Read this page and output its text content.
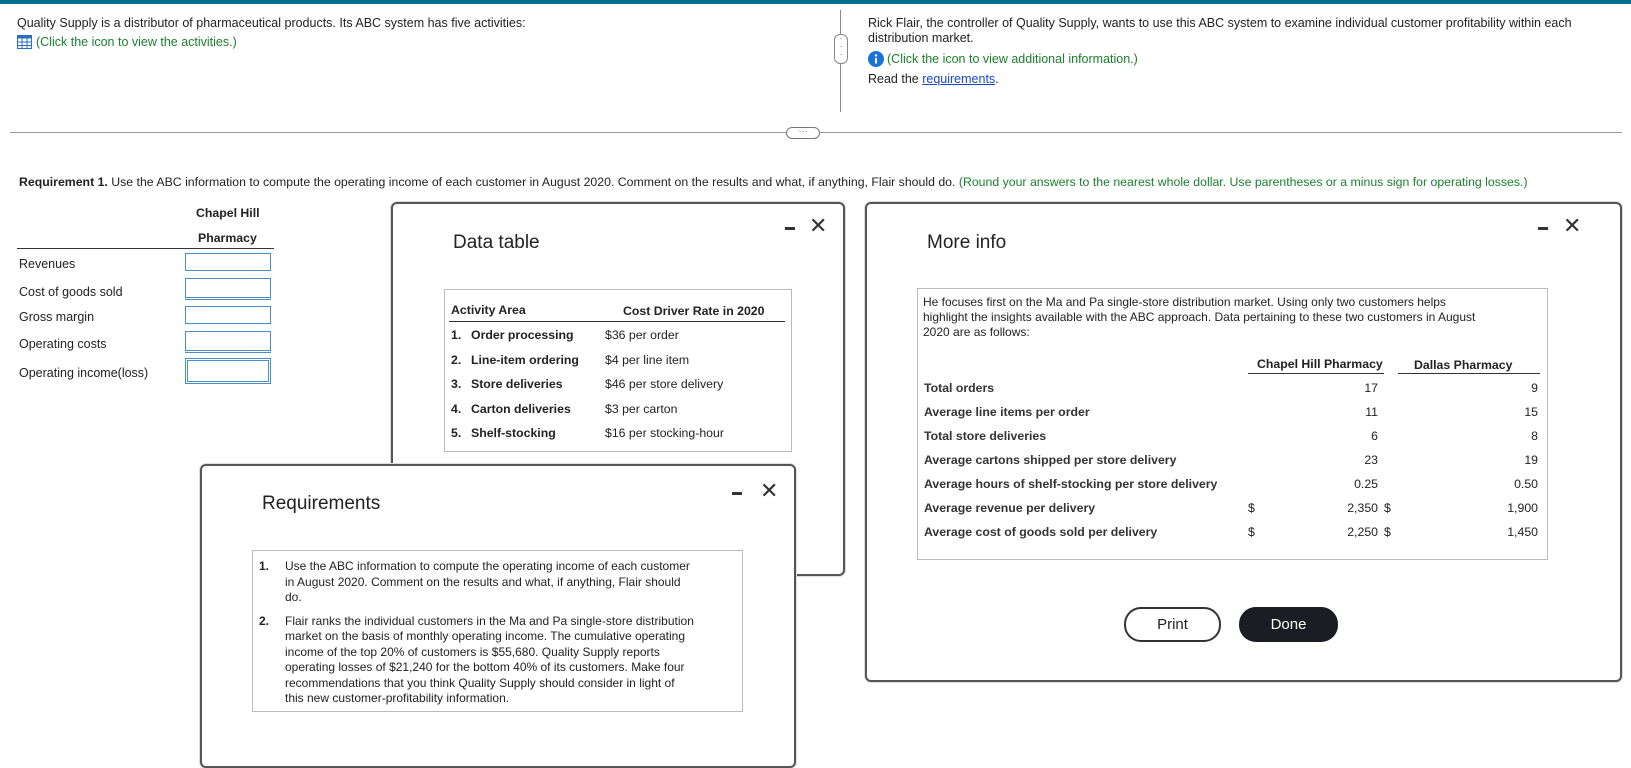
Quality Supply is a distributor of pharmaceutical products. Its ABC system has five activities:
(Click the icon to view the activities.)	·
·
·
Rick Flair, the controller of Quality Supply, wants to use this ABC system to examine individual customer profitability within each
distribution market.
(Click the icon to view additional information.)
Read the requirements.
···
Requirement 1. Use the ABC information to compute the operating income of each customer in August 2020. Comment on the results and what, if anything, Flair should do. (Round your answers to the nearest whole dollar. Use parentheses or a minus sign for operating losses.)
Chapel Hill
Pharmacy
Revenues
Cost of goods sold
Gross margin
Operating costs
Operating income(loss)
Data table
✕
Activity Area	Cost Driver Rate in 2020
1. Order processing	$36 per order
2. Line-item ordering $4 per line item
3. Store deliveries	$46 per store delivery
4. Carton deliveries	$3 per carton
5. Shelf-stocking	$16 per stocking-hour
Requirements
✕
1. Use the ABC information to compute the operating income of each customer
in August 2020. Comment on the results and what, if anything, Flair should
do.
2. Flair ranks the individual customers in the Ma and Pa single-store distribution
market on the basis of monthly operating income. The cumulative operating
income of the top 20% of customers is $55,680. Quality Supply reports
operating losses of $21,240 for the bottom 40% of its customers. Make four
recommendations that you think Quality Supply should consider in light of
this new customer-profitability information.
More info
✕
He focuses first on the Ma and Pa single-store distribution market. Using only two customers helps
highlight the insights available with the ABC approach. Data pertaining to these two customers in August
2020 are as follows:
Chapel Hill Pharmacy	Dallas Pharmacy
Total orders	17	9
Average line items per order	11	15
Total store deliveries	6	8
Average cartons shipped per store delivery	23	19
Average hours of shelf-stocking per store delivery	0.25	0.50
Average revenue per delivery	$	2,350 $	1,900
Average cost of goods sold per delivery	$	2,250 $	1,450
Print	Done
